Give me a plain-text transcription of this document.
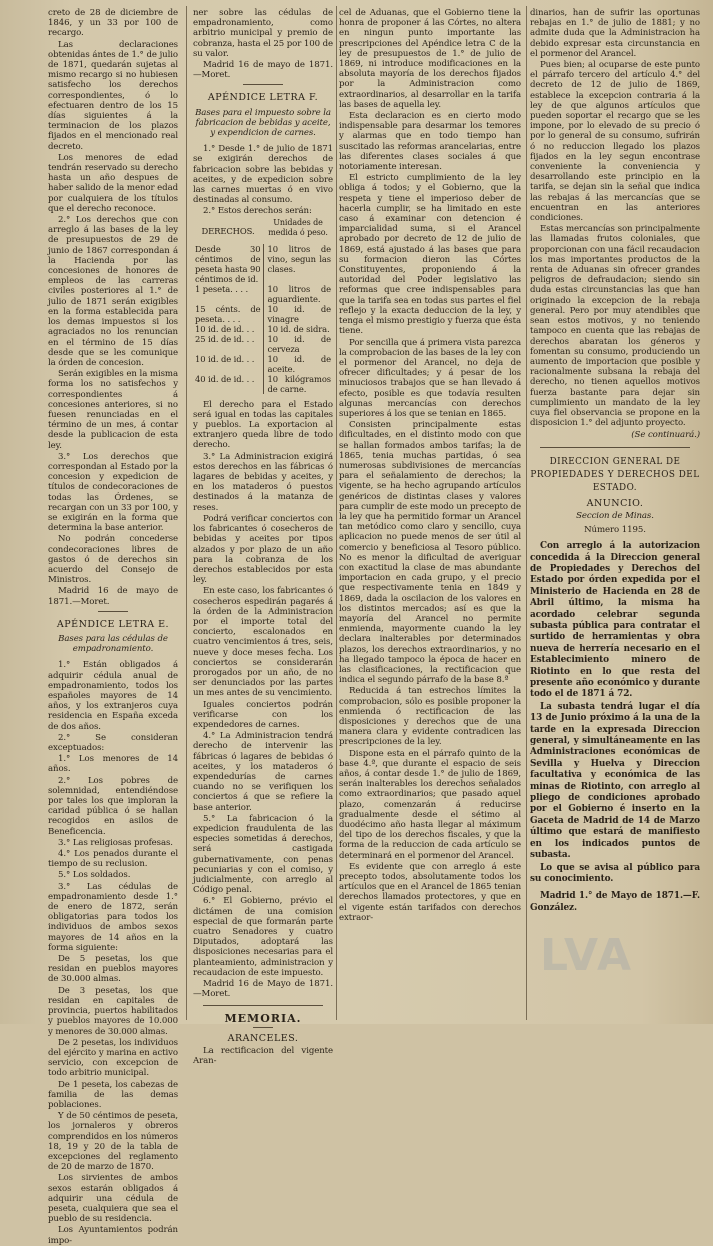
creto de 28 de diciembre de 1846, y un 33 por 100 de recargo.

Las declaraciones obtenidas ántes de 1.° de julio de 1871, quedarán sujetas al mismo recargo si no hubiesen satisfecho los derechos correspondientes, ó lo efectuaren dentro de los 15 días siguientes á la terminacion de los plazos fijados en el mencionado real decreto.

Los menores de edad tendrán reservado su derecho hasta un año despues de haber salido de la menor edad por cualquiera de los títulos que el derecho reconoce.

2.° Los derechos que con arreglo á las bases de la ley de presupuestos de 29 de junio de 1867 correspondan á la Hacienda por las concesiones de honores de empleos de las carreras civiles posteriores al 1.° de julio de 1871 serán exigibles en la forma establecida para los demas impuestos si los agraciados no los renuncian en el término de 15 días desde que se les comunique la órden de concesion.

Serán exigibles en la misma forma los no satisfechos y correspondientes á concesiones anteriores, si no fuesen renunciadas en el término de un mes, á contar desde la publicacion de esta ley.

3.° Los derechos que correspondan al Estado por la concesion y expedicion de títulos de condecoraciones de todas las Órdenes, se recargan con un 33 por 100, y se exigirán en la forma que determina la base anterior.

No podrán concederse condecoraciones libres de gastos ó de derechos sin acuerdo del Consejo de Ministros.

Madrid 16 de mayo de 1871.—Moret.

APÉNDICE LETRA E.
Bases para las cédulas de empadronamiento.

1.° Están obligados á adquirir cédula anual de empadronamiento, todos los españoles mayores de 14 años, y los extranjeros cuya residencia en España exceda de dos años.

2.° Se consideran exceptuados:

1.° Los menores de 14 años.

2.° Los pobres de solemnidad, entendiéndose por tales los que imploran la caridad pública ó se hallan recogidos en asilos de Beneficencia.

3.° Las religiosas profesas.

4.° Los penados durante el tiempo de su reclusion.

5.° Los soldados.

3.° Las cédulas de empadronamiento desde 1.° de enero de 1872, serán obligatorias para todos los individuos de ambos sexos mayores de 14 años en la forma siguiente:

De 5 pesetas, los que residan en pueblos mayores de 30.000 almas.

De 3 pesetas, los que residan en capitales de provincia, puertos habilitados y pueblos mayores de 10.000 y menores de 30.000 almas.

De 2 pesetas, los individuos del ejército y marina en activo servicio, con excepcion de todo arbitrio municipal.

De 1 peseta, los cabezas de familia de las demas poblaciones.

Y de 50 céntimos de peseta, los jornaleros y obreros comprendidos en los números 18, 19 y 20 de la tabla de excepciones del reglamento de 20 de marzo de 1870.

Los sirvientes de ambos sexos estarán obligados á adquirir una cédula de peseta, cualquiera que sea el pueblo de su residencia.

Los Ayuntamientos podrán impo-

ner sobre las cédulas de empadronamiento, como arbitrio municipal y premio de cobranza, hasta el 25 por 100 de su valor.

Madrid 16 de mayo de 1871.—Moret.

APÉNDICE LETRA F.
Bases para el impuesto sobre la fabricacion de bebidas y aceite, y expendicion de carnes.

1.° Desde 1.° de julio de 1871 se exigirán derechos de fabricacion sobre las bebidas y aceites, y de expedicion sobre las carnes muertas ó en vivo destinadas al consumo.

2.° Estos derechos serán:

DERECHOS.	Unidades de medida ó peso.
Desde 30 céntimos de peseta hasta 90 céntimos de id.	10 litros de vino, segun las clases.
1 peseta. . . .	10 litros de aguardiente.
15 cénts. de peseta. . . .	10 id. de vinagre
10 id. de id. . .	10 id. de sidra.
25 id. de id. . .	10 id. de cerveza
10 id. de id. . .	10 id. de aceite.
40 id. de id. . .	10 kilógramos de carne.

El derecho para el Estado será igual en todas las capitales y pueblos. La exportacion al extranjero queda libre de todo derecho.

3.° La Administracion exigirá estos derechos en las fábricas ó lagares de bebidas y aceites, y en los mataderos ó puestos destinados á la matanza de reses.

Podrá verificar conciertos con los fabricantes ó cosecheros de bebidas y aceites por tipos alzados y por plazo de un año para la cobranza de los derechos establecidos por esta ley.

En este caso, los fabricantes ó cosecheros espedirán pagarés á la órden de la Administracion por el importe total del concierto, escalonados en cuatro vencimientos á tres, seis, nueve y doce meses fecha. Los conciertos se considerarán prorogados por un año, de no ser denunciados por las partes un mes antes de su vencimiento.

Iguales conciertos podrán verificarse con los expendedores de carnes.

4.° La Administracion tendrá derecho de intervenir las fábricas ó lagares de bebidas ó aceites, y los mataderos ó expendedurías de carnes cuando no se verifiquen los conciertos á que se refiere la base anterior.

5.° La fabricacion ó la expedicion fraudulenta de las especies sometidas á derechos, será castigada gubernativamente, con penas pecuniarias y con el comiso, y judicialmente, con arreglo al Código penal.

6.° El Gobierno, prévio el dictámen de una comision especial de que formarán parte cuatro Senadores y cuatro Diputados, adoptará las disposiciones necesarias para el planteamiento, administracion y recaudacion de este impuesto.

Madrid 16 de Mayo de 1871.—Moret.

MEMORIA.
ARANCELES.

La rectificacion del vigente Aran-

cel de Aduanas, que el Gobierno tiene la honra de proponer á las Córtes, no altera en ningun punto importante las prescripciones del Apéndice letra C de la ley de presupuestos de 1.° de julio de 1869, ni introduce modificaciones en la absoluta mayoría de los derechos fijados por la Administracion como extraordinarios, al desarrollar en la tarifa las bases de aquella ley.

Esta declaracion es en cierto modo indispensable para desarmar los temores y alarmas que en todo tiempo han suscitado las reformas arancelarias, entre las diferentes clases sociales á que notoriamente interesan.

El estricto cumplimiento de la ley obliga á todos; y el Gobierno, que la respeta y tiene el imperioso deber de hacerla cumplir, se ha limitado en este caso á examinar con detencion é imparcialidad suma, si el Arancel aprobado por decreto de 12 de julio de 1869, está ajustado á las bases que para su formacion dieron las Córtes Constituyentes, proponiendo á la autoridad del Poder legislativo las reformas que cree indispensables para que la tarifa sea en todas sus partes el fiel reflejo y la exacta deduccion de la ley, y tenga el mismo prestigio y fuerza que ésta tiene.

Por sencilla que á primera vista parezca la comprobacion de las bases de la ley con el pormenor del Arancel, no deja de ofrecer dificultades; y á pesar de los minuciosos trabajos que se han llevado á efecto, posible es que todavía resulten algunas mercancías con derechos superiores á los que se tenian en 1865.

Consisten principalmente estas dificultades, en el distinto modo con que se hallan formados ambos tarifas; la de 1865, tenia muchas partidas, ó sea numerosas subdivisiones de mercancías para el señalamiento de derechos; la vigente, se ha hecho agrupando artículos genéricos de distintas clases y valores para cumplir de este modo un precepto de la ley que ha permitido formar un Arancel tan metódico como claro y sencillo, cuya aplicacion no puede menos de ser útil al comercio y beneficiosa al Tesoro público. No es menor la dificultad de averiguar con exactitud la clase de mas abundante importacion en cada grupo, y el precio que respectivamente tenia en 1849 y 1869, dada la oscilacion de los valores en los distintos mercados; así es que la mayoría del Arancel no permite enmienda, mayormente cuando la ley declara inalterables por determinados plazos, los derechos extraordinarios, y no ha llegado tampoco la época de hacer en las clasificaciones, la rectificacion que indica el segundo párrafo de la base 8.ª

Reducida á tan estrechos límites la comprobacion, sólo es posible proponer la enmienda ó rectificacion de las disposiciones y derechos que de una manera clara y evidente contradicen las prescripciones de la ley.

Dispone esta en el párrafo quinto de la base 4.ª, que durante el espacio de seis años, á contar desde 1.° de julio de 1869, serán inalterables los derechos señalados como extraordinarios; que pasado aquel plazo, comenzarán á reducirse gradualmente desde el sétimo al duodécimo año hasta llegar al máximum del tipo de los derechos fiscales, y que la forma de la reduccion de cada artículo se determinará en el pormenor del Arancel.

Es evidente que con arreglo á este precepto todos, absolutamente todos los artículos que en el Arancel de 1865 tenian derechos llamados protectores, y que en el vigente están tarifados con derechos extraor-

dinarios, han de sufrir las oportunas rebajas en 1.° de julio de 1881; y no admite duda que la Administracion ha debido expresar esta circunstancia en el pormenor del Arancel.

Pues bien; al ocuparse de este punto el párrafo tercero del artículo 4.° del decreto de 12 de julio de 1869, establece la excepcion contraria á la ley de que algunos artículos que pueden soportar el recargo que se les impone, por lo elevado de su precio ó por lo general de su consumo, sufrirán ó no reduccion llegado los plazos fijados en la ley segun encontrase conveniente la conveniencia y desarrollando este principio en la tarifa, se dejan sin la señal que indica las rebajas á las mercancías que se encuentran en las anteriores condiciones.

Estas mercancías son principalmente las llamadas frutos coloniales, que proporcionan con una fácil recaudacion los mas importantes productos de la renta de Aduanas sin ofrecer grandes peligros de defraudacion; siendo sin duda estas circunstancias las que han originado la excepcion de la rebaja general. Pero por muy atendibles que sean estos motivos, y no teniendo tampoco en cuenta que las rebajas de derechos abaratan los géneros y fomentan su consumo, produciendo un aumento de importacion que posible y racionalmente subsana la rebaja del derecho, no tienen aquellos motivos fuerza bastante para dejar sin cumplimiento un mandato de la ley cuya fiel observancia se propone en la disposicion 1.° del adjunto proyecto.

(Se continuará.)
DIRECCION GENERAL DE PROPIEDADES Y DERECHOS DEL ESTADO.
ANUNCIO.
Seccion de Minas.
Número 1195.

Con arreglo á la autorizacion concedida á la Direccion general de Propiedades y Derechos del Estado por órden expedida por el Ministerio de Hacienda en 28 de Abril último, la misma ha acordado celebrar segunda subasta pública para contratar el surtido de herramientas y obra nueva de herrería necesario en el Establecimiento minero de Riotinto en lo que resta del presente año económico y durante todo el de 1871 á 72.

La subasta tendrá lugar el día 13 de Junio próximo á la una de la tarde en la expresada Direccion general, y simultáneamente en las Administraciones económicas de Sevilla y Huelva y Direccion facultativa y económica de las minas de Riotinto, con arreglo al pliego de condiciones aprobado por el Gobierno é inserto en la Gaceta de Madrid de 14 de Marzo último que estará de manifiesto en los indicados puntos de subasta.

Lo que se avisa al público para su conocimiento.

Madrid 1.° de Mayo de 1871.—F. González.

LVA
